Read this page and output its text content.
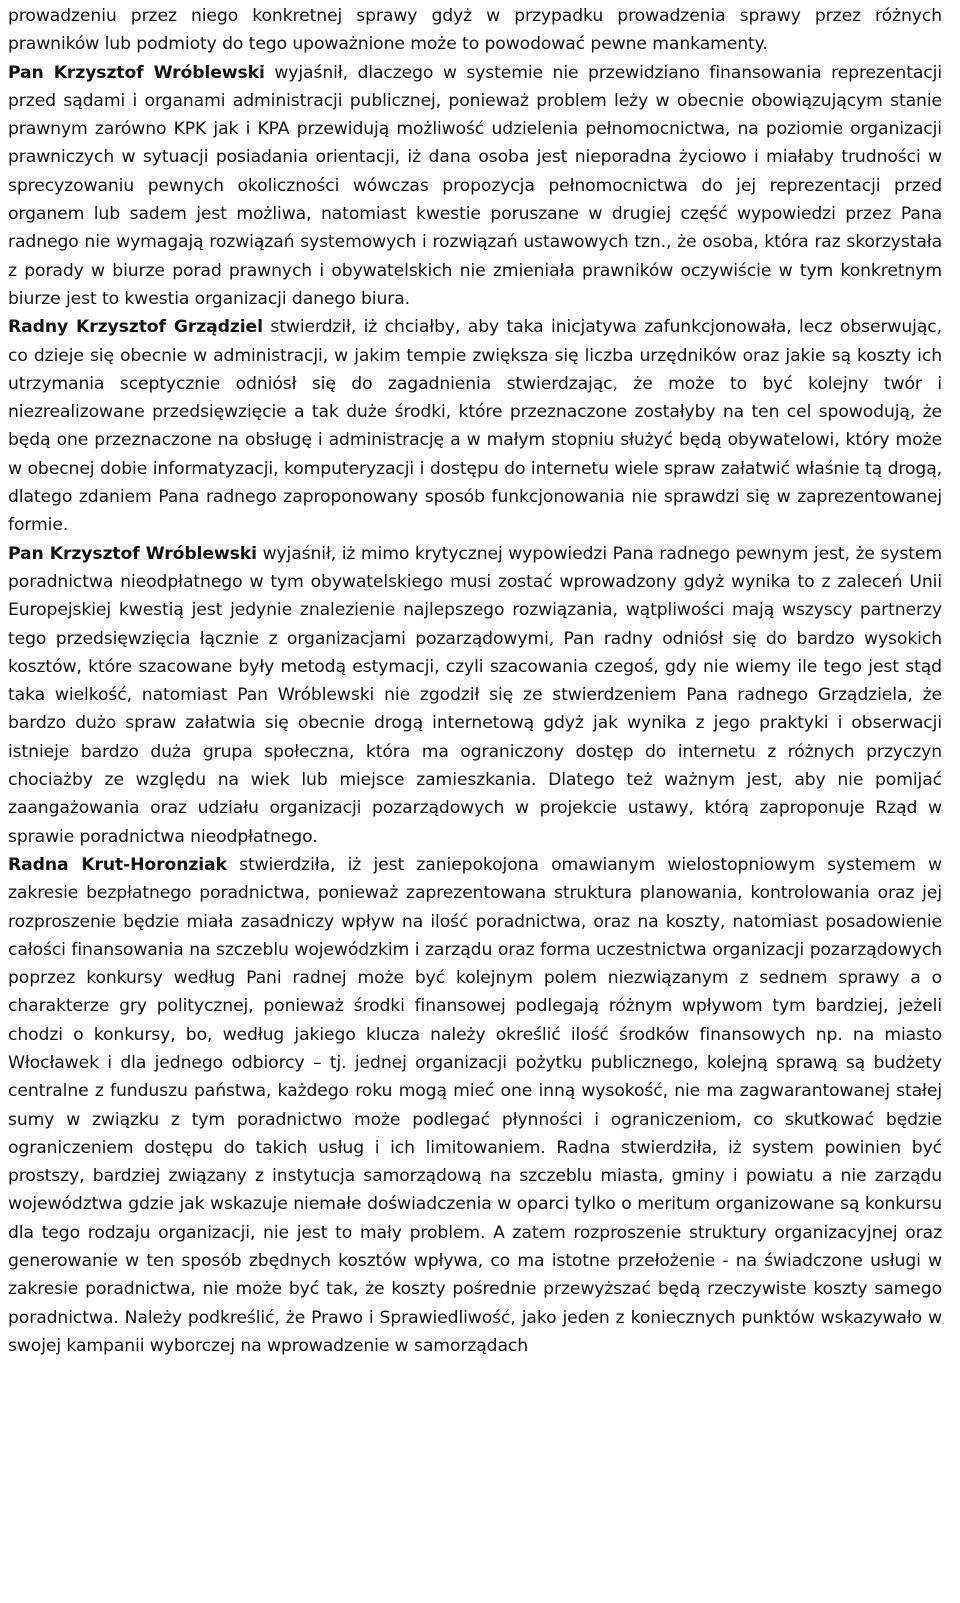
prowadzeniu przez niego konkretnej sprawy gdyż w przypadku prowadzenia sprawy przez różnych prawników lub podmioty do tego upoważnione może to powodować pewne mankamenty.

Pan Krzysztof Wróblewski wyjaśnił, dlaczego w systemie nie przewidziano finansowania reprezentacji przed sądami i organami administracji publicznej, ponieważ problem leży w obecnie obowiązującym stanie prawnym zarówno KPK jak i KPA przewidują możliwość udzielenia pełnomocnictwa, na poziomie organizacji prawniczych w sytuacji posiadania orientacji, iż dana osoba jest nieporadna życiowo i miałaby trudności w sprecyzowaniu pewnych okoliczności wówczas propozycja pełnomocnictwa do jej reprezentacji przed organem lub sadem jest możliwa, natomiast kwestie poruszane w drugiej część wypowiedzi przez Pana radnego nie wymagają rozwiązań systemowych i rozwiązań ustawowych tzn., że osoba, która raz skorzystała z porady w biurze porad prawnych i obywatelskich nie zmieniała prawników oczywiście w tym konkretnym biurze jest to kwestia organizacji danego biura.

Radny Krzysztof Grządziel stwierdził, iż chciałby, aby taka inicjatywa zafunkcjonowała, lecz obserwując, co dzieje się obecnie w administracji, w jakim tempie zwiększa się liczba urzędników oraz jakie są koszty ich utrzymania sceptycznie odniósł się do zagadnienia stwierdzając, że może to być kolejny twór i niezrealizowane przedsięwzięcie a tak duże środki, które przeznaczone zostałyby na ten cel spowodują, że będą one przeznaczone na obsługę i administrację a w małym stopniu służyć będą obywatelowi, który może w obecnej dobie informatyzacji, komputeryzacji i dostępu do internetu wiele spraw załatwić właśnie tą drogą, dlatego zdaniem Pana radnego zaproponowany sposób funkcjonowania nie sprawdzi się w zaprezentowanej formie.

Pan Krzysztof Wróblewski wyjaśnił, iż mimo krytycznej wypowiedzi Pana radnego pewnym jest, że system poradnictwa nieodpłatnego w tym obywatelskiego musi zostać wprowadzony gdyż wynika to z zaleceń Unii Europejskiej kwestią jest jedynie znalezienie najlepszego rozwiązania, wątpliwości mają wszyscy partnerzy tego przedsięwzięcia łącznie z organizacjami pozarządowymi, Pan radny odniósł się do bardzo wysokich kosztów, które szacowane były metodą estymacji, czyli szacowania czegoś, gdy nie wiemy ile tego jest stąd taka wielkość, natomiast Pan Wróblewski nie zgodził się ze stwierdzeniem Pana radnego Grządziela, że bardzo dużo spraw załatwia się obecnie drogą internetową gdyż jak wynika z jego praktyki i obserwacji istnieje bardzo duża grupa społeczna, która ma ograniczony dostęp do internetu z różnych przyczyn chociażby ze względu na wiek lub miejsce zamieszkania. Dlatego też ważnym jest, aby nie pomijać zaangażowania oraz udziału organizacji pozarządowych w projekcie ustawy, którą zaproponuje Rząd w sprawie poradnictwa nieodpłatnego.

Radna Krut-Horonziak stwierdziła, iż jest zaniepokojona omawianym wielostopniowym systemem w zakresie bezpłatnego poradnictwa, ponieważ zaprezentowana struktura planowania, kontrolowania oraz jej rozproszenie będzie miała zasadniczy wpływ na ilość poradnictwa, oraz na koszty, natomiast posadowienie całości finansowania na szczeblu wojewódzkim i zarządu oraz forma uczestnictwa organizacji pozarządowych poprzez konkursy według Pani radnej może być kolejnym polem niezwiązanym z sednem sprawy a o charakterze gry politycznej, ponieważ środki finansowej podlegają różnym wpływom tym bardziej, jeżeli chodzi o konkursy, bo, według jakiego klucza należy określić ilość środków finansowych np. na miasto Włocławek i dla jednego odbiorcy – tj. jednej organizacji pożytku publicznego, kolejną sprawą są budżety centralne z funduszu państwa, każdego roku mogą mieć one inną wysokość, nie ma zagwarantowanej stałej sumy w związku z tym poradnictwo może podlegać płynności i ograniczeniom, co skutkować będzie ograniczeniem dostępu do takich usług i ich limitowaniem. Radna stwierdziła, iż system powinien być prostszy, bardziej związany z instytucja samorządową na szczeblu miasta, gminy i powiatu a nie zarządu województwa gdzie jak wskazuje niemałe doświadczenia w oparci tylko o meritum organizowane są konkursu dla tego rodzaju organizacji, nie jest to mały problem. A zatem rozproszenie struktury organizacyjnej oraz generowanie w ten sposób zbędnych kosztów wpływa, co ma istotne przełożenie - na świadczone usługi w zakresie poradnictwa, nie może być tak, że koszty pośrednie przewyższać będą rzeczywiste koszty samego poradnictwa. Należy podkreślić, że Prawo i Sprawiedliwość, jako jeden z koniecznych punktów wskazywało w swojej kampanii wyborczej na wprowadzenie w samorządach
